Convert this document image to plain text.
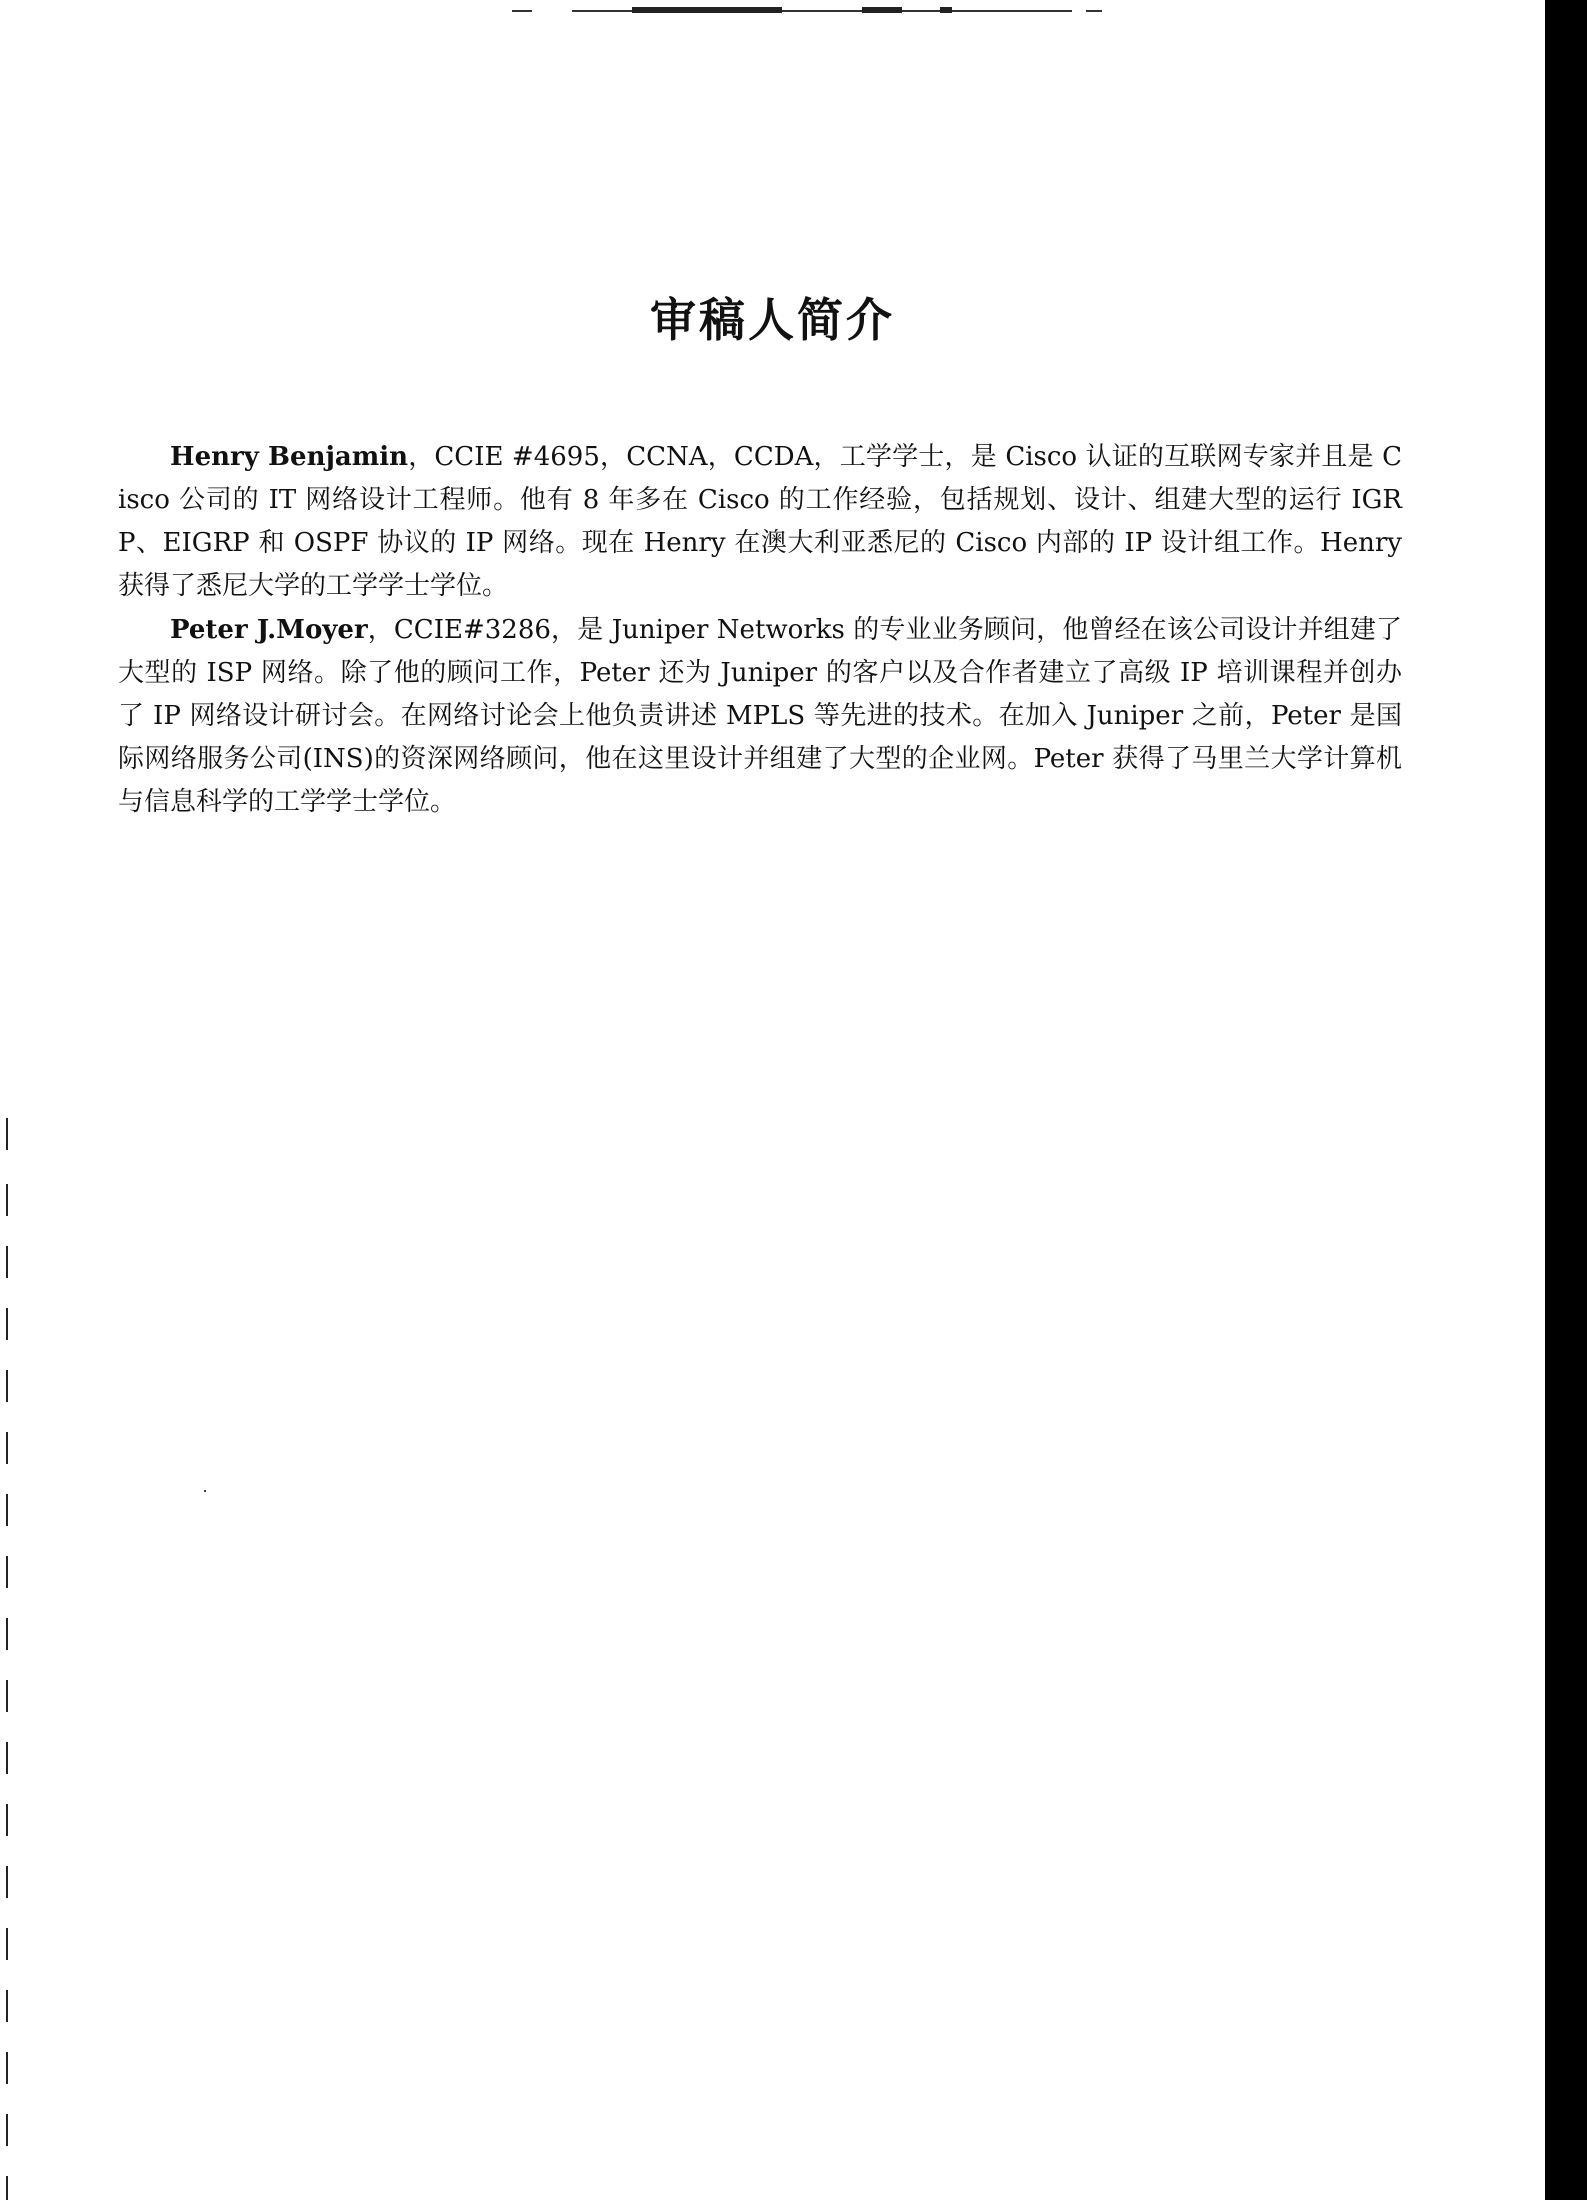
审稿人简介

Henry Benjamin，CCIE #4695，CCNA，CCDA，工学学士，是 Cisco 认证的互联网专家并且是 Cisco 公司的 IT 网络设计工程师。他有 8 年多在 Cisco 的工作经验，包括规划、设计、组建大型的运行 IGRP、EIGRP 和 OSPF 协议的 IP 网络。现在 Henry 在澳大利亚悉尼的 Cisco 内部的 IP 设计组工作。Henry 获得了悉尼大学的工学学士学位。

Peter J.Moyer，CCIE#3286，是 Juniper Networks 的专业业务顾问，他曾经在该公司设计并组建了大型的 ISP 网络。除了他的顾问工作，Peter 还为 Juniper 的客户以及合作者建立了高级 IP 培训课程并创办了 IP 网络设计研讨会。在网络讨论会上他负责讲述 MPLS 等先进的技术。在加入 Juniper 之前，Peter 是国际网络服务公司(INS)的资深网络顾问，他在这里设计并组建了大型的企业网。Peter 获得了马里兰大学计算机与信息科学的工学学士学位。
